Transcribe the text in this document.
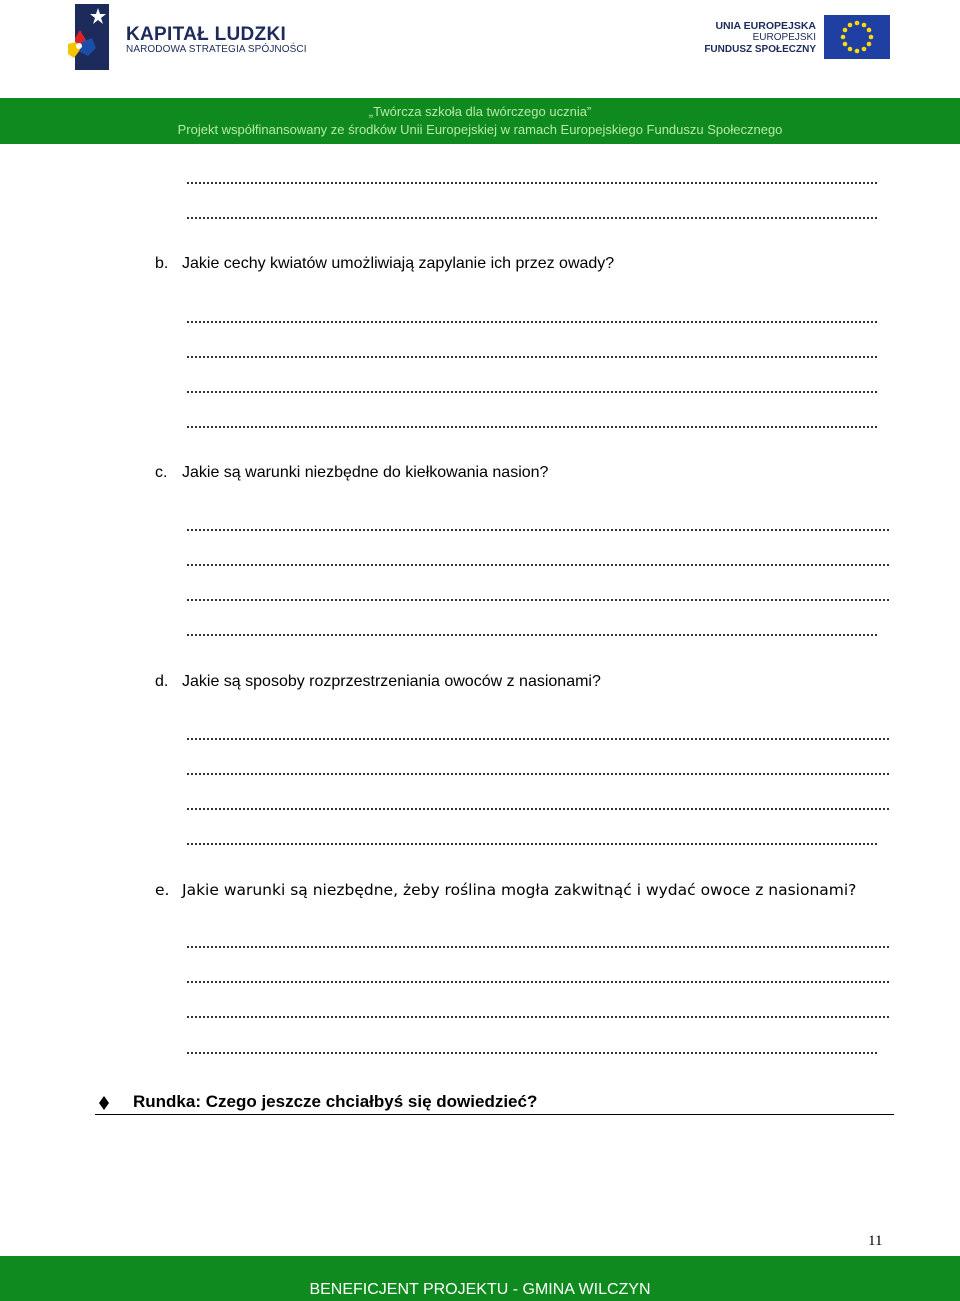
KAPITAŁ LUDZKI
NARODOWA STRATEGIA SPÓJNOŚCI
UNIA EUROPEJSKA
EUROPEJSKI
FUNDUSZ SPOŁECZNY
„Twórcza szkoła dla twórczego ucznia”
Projekt współfinansowany ze środków Unii Europejskiej w ramach Europejskiego Funduszu Społecznego
b. Jakie cechy kwiatów umożliwiają zapylanie ich przez owady?
c. Jakie są warunki niezbędne do kiełkowania nasion?
d. Jakie są sposoby rozprzestrzeniania owoców z nasionami?
e. Jakie warunki są niezbędne, żeby roślina mogła zakwitnąć i wydać owoce z nasionami?
Rundka: Czego jeszcze chciałbyś się dowiedzieć?
11
BENEFICJENT PROJEKTU - GMINA WILCZYN
